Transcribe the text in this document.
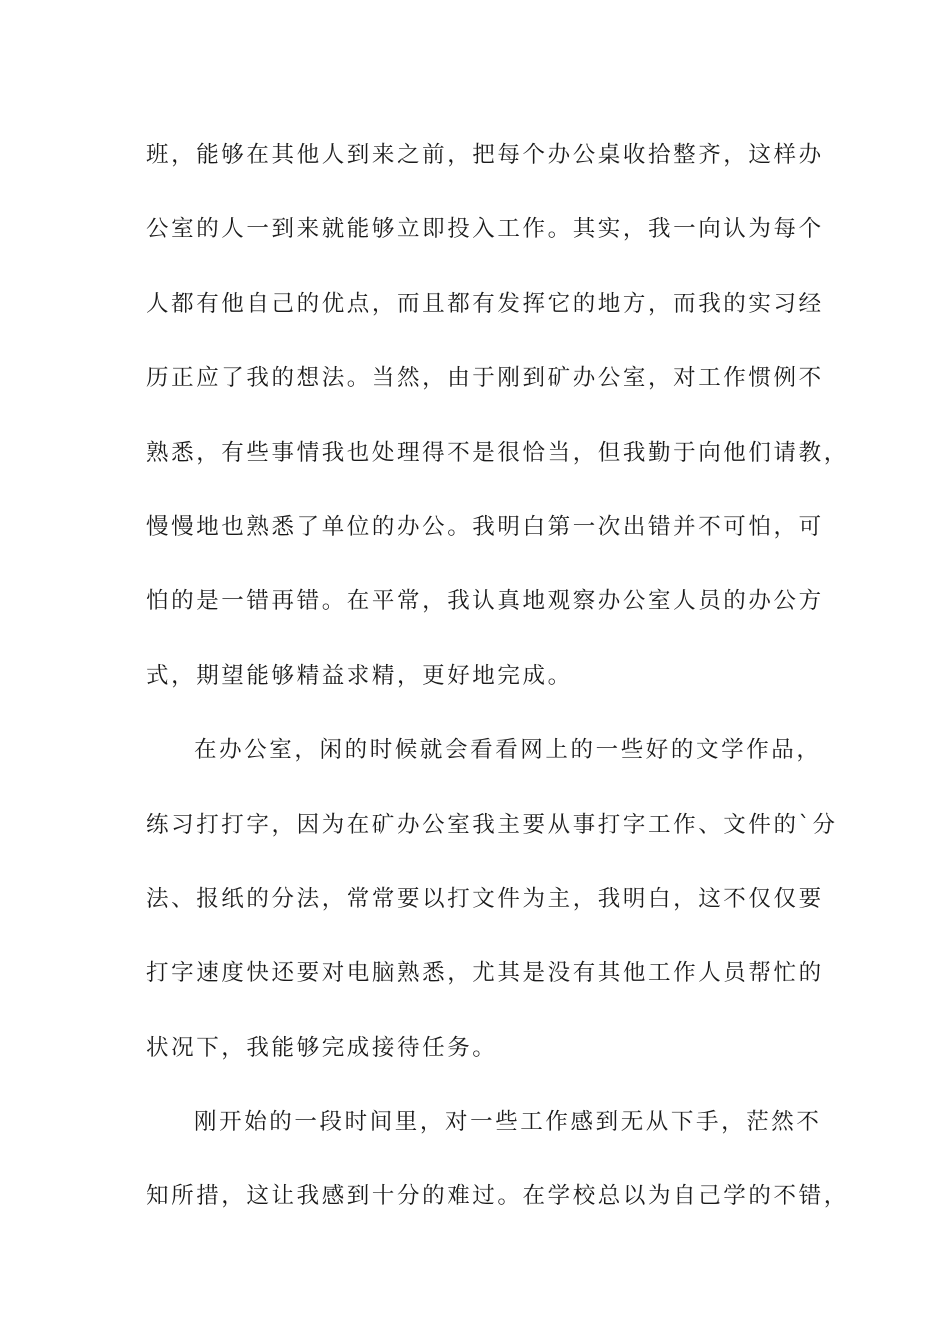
班，能够在其他人到来之前，把每个办公桌收拾整齐，这样办
公室的人一到来就能够立即投入工作。其实，我一向认为每个
人都有他自己的优点，而且都有发挥它的地方，而我的实习经
历正应了我的想法。当然，由于刚到矿办公室，对工作惯例不
熟悉，有些事情我也处理得不是很恰当，但我勤于向他们请教，
慢慢地也熟悉了单位的办公。我明白第一次出错并不可怕，可
怕的是一错再错。在平常，我认真地观察办公室人员的办公方
式，期望能够精益求精，更好地完成。
在办公室，闲的时候就会看看网上的一些好的文学作品，
练习打打字，因为在矿办公室我主要从事打字工作、文件的`分
法、报纸的分法，常常要以打文件为主，我明白，这不仅仅要
打字速度快还要对电脑熟悉，尤其是没有其他工作人员帮忙的
状况下，我能够完成接待任务。
刚开始的一段时间里，对一些工作感到无从下手，茫然不
知所措，这让我感到十分的难过。在学校总以为自己学的不错，
